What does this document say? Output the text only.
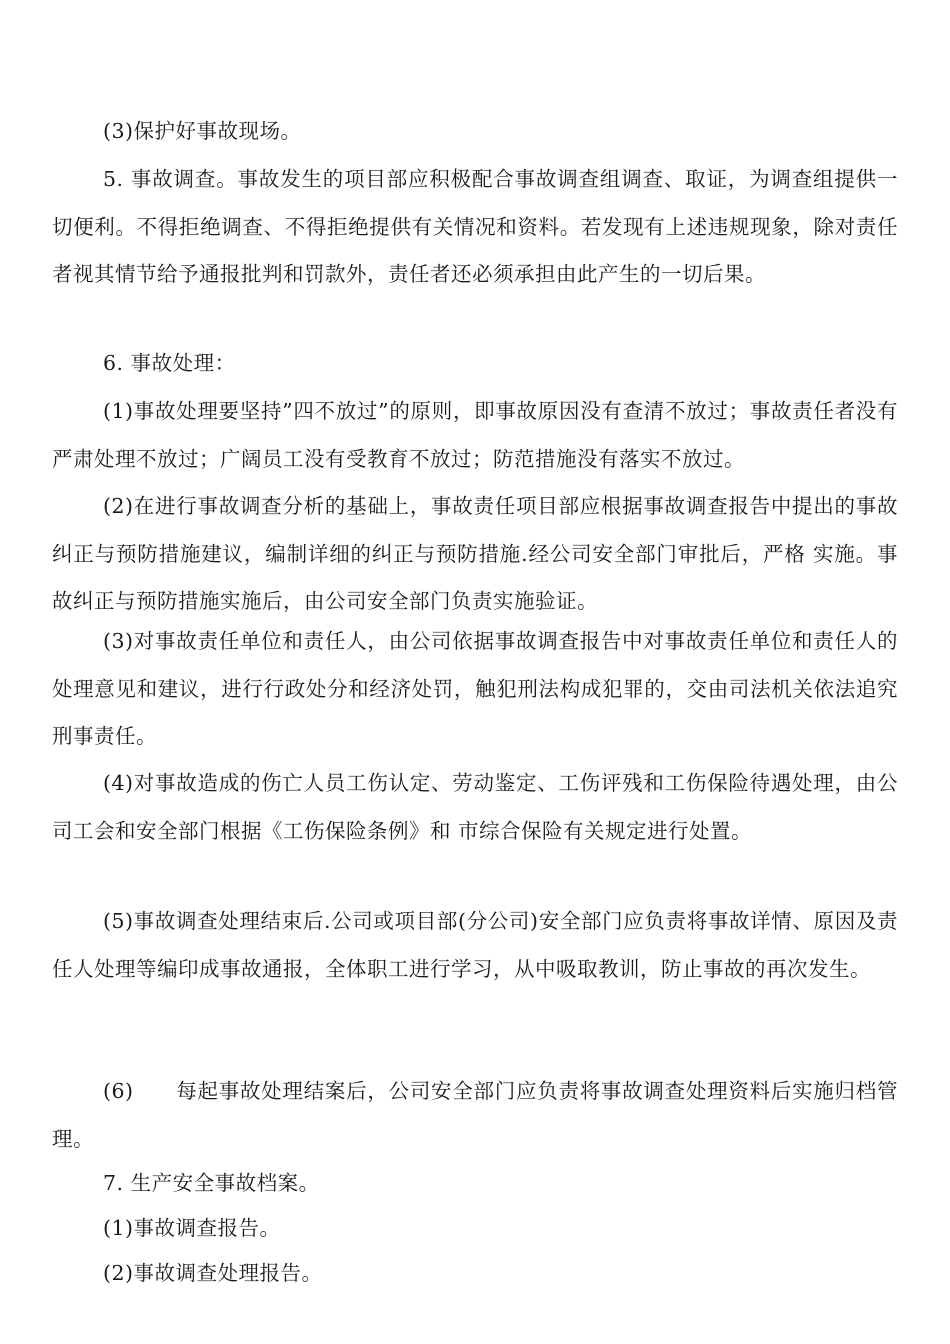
(3)保护好事故现场。

5. 事故调查。事故发生的项目部应积极配合事故调查组调查、取证，为调查组提供一切便利。不得拒绝调查、不得拒绝提供有关情况和资料。若发现有上述违规现象，除对责任者视其情节给予通报批判和罚款外，责任者还必须承担由此产生的一切后果。

6. 事故处理：

(1)事故处理要坚持”四不放过”的原则，即事故原因没有查清不放过；事故责任者没有严肃处理不放过；广阔员工没有受教育不放过；防范措施没有落实不放过。

(2)在进行事故调查分析的基础上，事故责任项目部应根据事故调查报告中提出的事故纠正与预防措施建议，编制详细的纠正与预防措施.经公司安全部门审批后，严格 实施。事故纠正与预防措施实施后，由公司安全部门负责实施验证。

(3)对事故责任单位和责任人，由公司依据事故调查报告中对事故责任单位和责任人的处理意见和建议，进行行政处分和经济处罚，触犯刑法构成犯罪的，交由司法机关依法追究刑事责任。

(4)对事故造成的伤亡人员工伤认定、劳动鉴定、工伤评残和工伤保险待遇处理，由公司工会和安全部门根据《工伤保险条例》和 市综合保险有关规定进行处置。

(5)事故调查处理结束后.公司或项目部(分公司)安全部门应负责将事故详情、原因及责任人处理等编印成事故通报，全体职工进行学习，从中吸取教训，防止事故的再次发生。

(6)　　每起事故处理结案后，公司安全部门应负责将事故调查处理资料后实施归档管理。

7. 生产安全事故档案。

(1)事故调查报告。

(2)事故调查处理报告。
